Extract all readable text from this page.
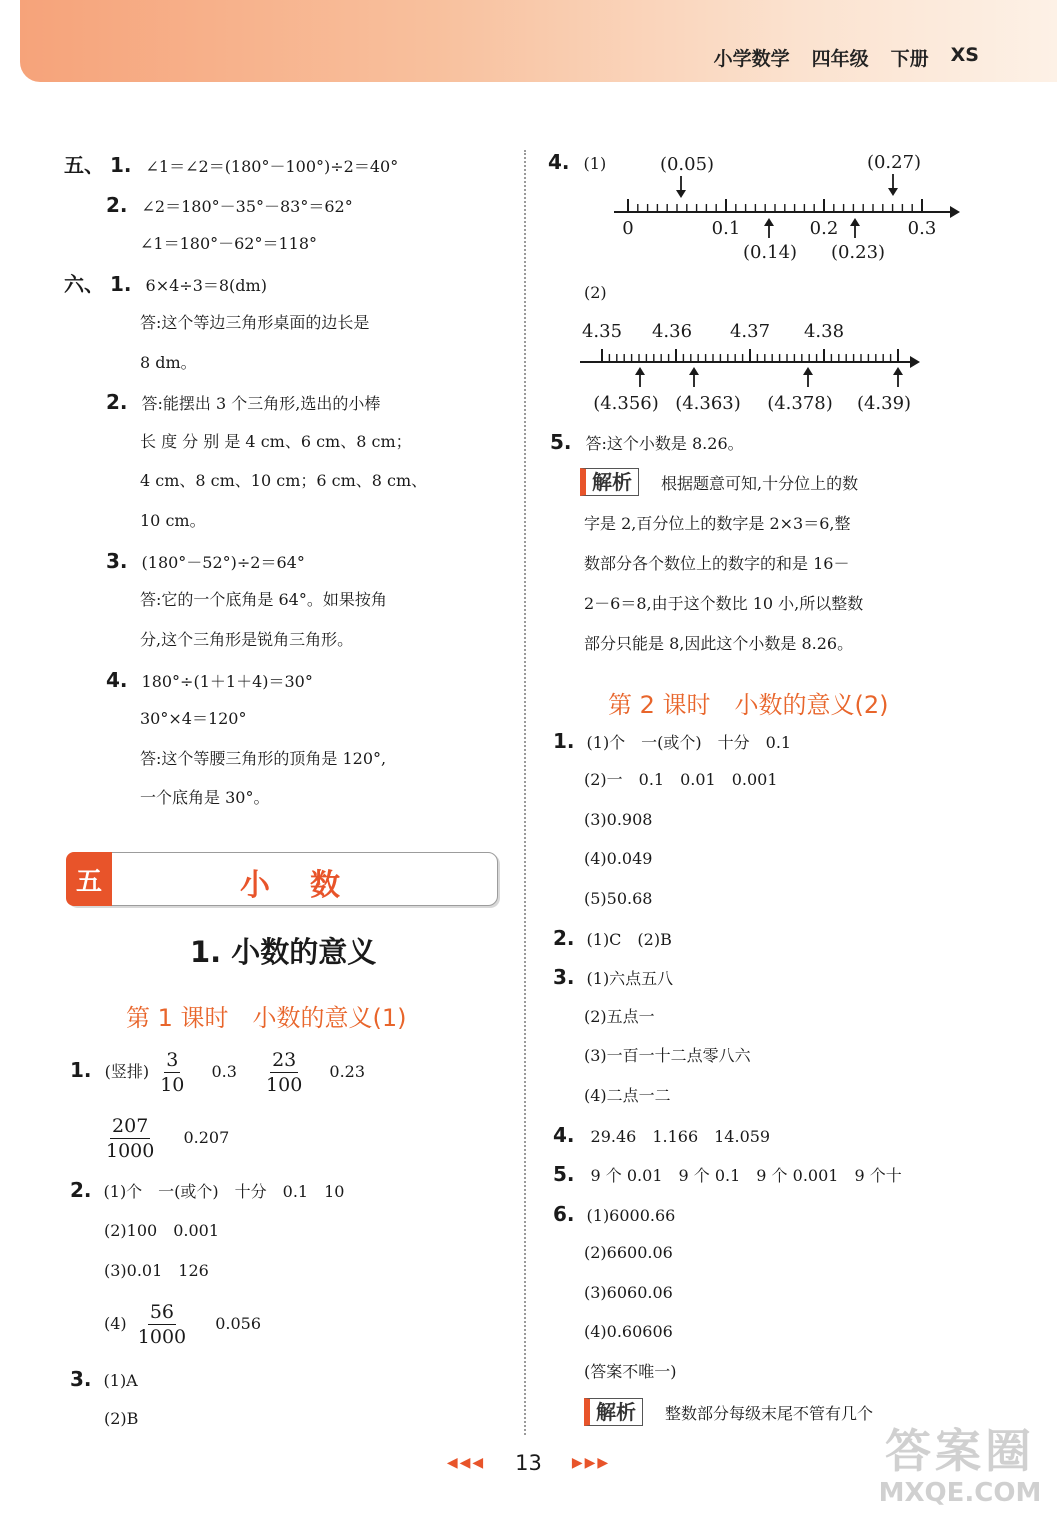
小学数学 四年级 下册 XS
五、 1. ∠1＝∠2＝(180°－100°)÷2＝40°
2. ∠2＝180°－35°－83°＝62°
∠1＝180°－62°＝118°
六、 1. 6×4÷3＝8(dm)
答:这个等边三角形桌面的边长是
8 dm。
2. 答:能摆出 3 个三角形,选出的小棒
长 度 分 别 是 4 cm、6 cm、8 cm；
4 cm、8 cm、10 cm；6 cm、8 cm、
10 cm。
3. (180°－52°)÷2＝64°
答:它的一个底角是 64°。如果按角
分,这个三角形是锐角三角形。
4. 180°÷(1＋1＋4)＝30°
30°×4＝120°
答:这个等腰三角形的顶角是 120°,
一个底角是 30°。
五	小数
1. 小数的意义
第 1 课时　小数的意义(1)
1. (竖排) $\frac{3}{10} 0.3 \frac{23}{100} 0.23$
$\frac{207}{1000} 0.207$
2. (1)个　一(或个)　十分　0.1　10
(2)100　0.001
(3)0.01　126
$(4) \frac{56}{1000} 0.056$
3. (1)A
(2)B
4. (1)
0	0.1	0.2	0.3
(0.05)	(0.27)
(0.14) (0.23)
(2)
4.35 4.36 4.37 4.38
(4.356) (4.363) (4.378) (4.39)
5. 答:这个小数是 8.26。
解析 根据题意可知,十分位上的数
字是 2,百分位上的数字是 2×3＝6,整
数部分各个数位上的数字的和是 16－
2－6＝8,由于这个数比 10 小,所以整数
部分只能是 8,因此这个小数是 8.26。
第 2 课时　小数的意义(2)
1. (1)个　一(或个)　十分　0.1
(2)一　0.1　0.01　0.001
(3)0.908
(4)0.049
(5)50.68
2. (1)C　(2)B
3. (1)六点五八
(2)五点一
(3)一百一十二点零八六
(4)二点一二
4. 29.46　1.166　14.059
5. 9 个 0.01　9 个 0.1　9 个 0.001　9 个十
6. (1)6000.66
(2)6600.06
(3)6060.06
(4)0.60606
(答案不唯一)
解析 整数部分每级末尾不管有几个
◀◀◀ 13 ▶▶▶	答案圈
MXQE.COM
